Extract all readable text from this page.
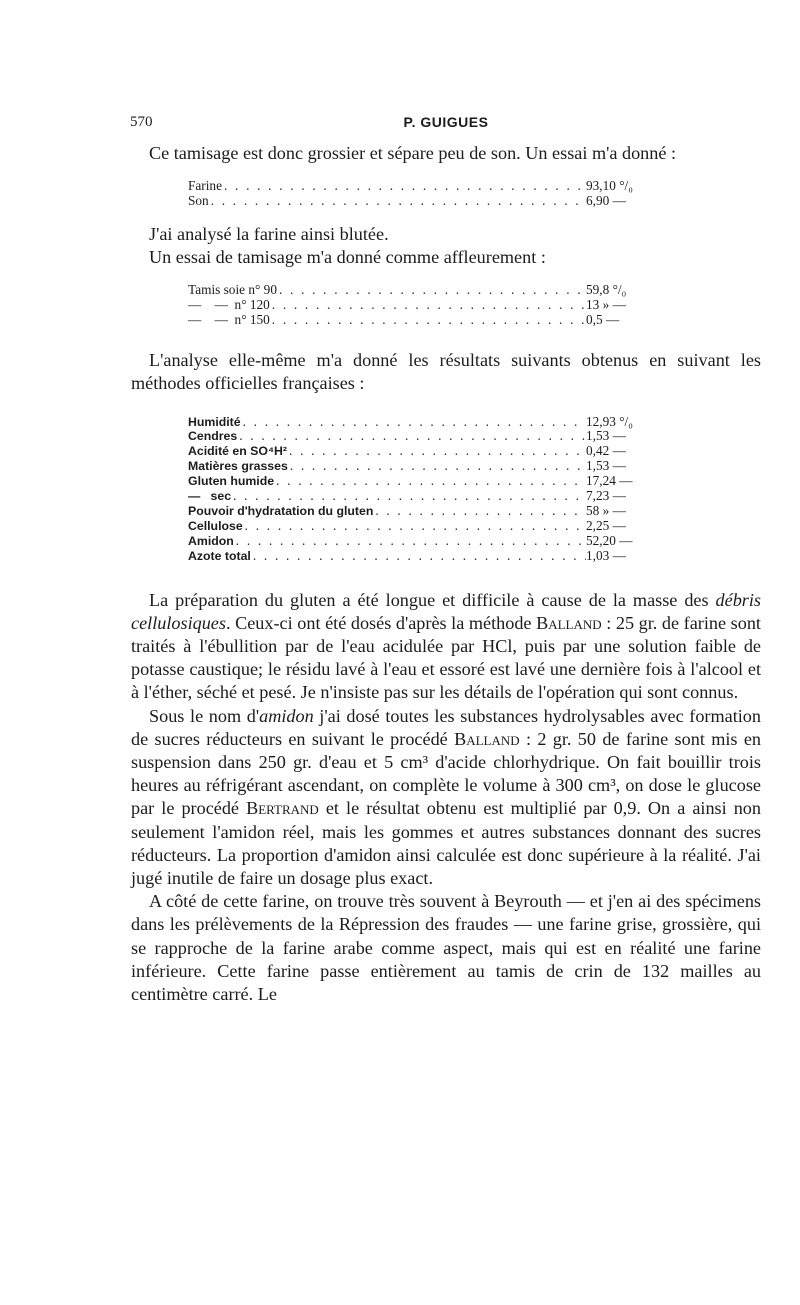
570	P. GUIGUES

Ce tamisage est donc grossier et sépare peu de son. Un essai m'a donné :

Farine . . .	93,10 °/₀
Son . . .	6,90 —

J'ai analysé la farine ainsi blutée.

Un essai de tamisage m'a donné comme affleurement :

Tamis soie n° 90 . . .	59,8 °/₀
—    —  n° 120 . . .	13 » —
—    —  n° 150 . . .	0,5 —

L'analyse elle-même m'a donné les résultats suivants obtenus en suivant les méthodes officielles françaises :

Humidité . . .	12,93 °/₀
Cendres . . .	1,53 —
Acidité en SO⁴H² . . .	0,42 —
Matières grasses . . .	1,53 —
Gluten humide . . .	17,24 —
—   sec . . .	7,23 —
Pouvoir d'hydratation du gluten . . .	58 » —
Cellulose . . .	2,25 —
Amidon . . .	52,20 —
Azote total . . .	1,03 —

La préparation du gluten a été longue et difficile à cause de la masse des débris cellulosiques. Ceux-ci ont été dosés d'après la méthode Balland : 25 gr. de farine sont traités à l'ébullition par de l'eau acidulée par HCl, puis par une solution faible de potasse caustique; le résidu lavé à l'eau et essoré est lavé une dernière fois à l'alcool et à l'éther, séché et pesé. Je n'insiste pas sur les détails de l'opération qui sont connus.

Sous le nom d'amidon j'ai dosé toutes les substances hydrolysables avec formation de sucres réducteurs en suivant le procédé Balland : 2 gr. 50 de farine sont mis en suspension dans 250 gr. d'eau et 5 cm³ d'acide chlorhydrique. On fait bouillir trois heures au réfrigérant ascendant, on complète le volume à 300 cm³, on dose le glucose par le procédé Bertrand et le résultat obtenu est multiplié par 0,9. On a ainsi non seulement l'amidon réel, mais les gommes et autres substances donnant des sucres réducteurs. La proportion d'amidon ainsi calculée est donc supérieure à la réalité. J'ai jugé inutile de faire un dosage plus exact.

A côté de cette farine, on trouve très souvent à Beyrouth — et j'en ai des spécimens dans les prélèvements de la Répression des fraudes — une farine grise, grossière, qui se rapproche de la farine arabe comme aspect, mais qui est en réalité une farine inférieure. Cette farine passe entièrement au tamis de crin de 132 mailles au centimètre carré. Le
